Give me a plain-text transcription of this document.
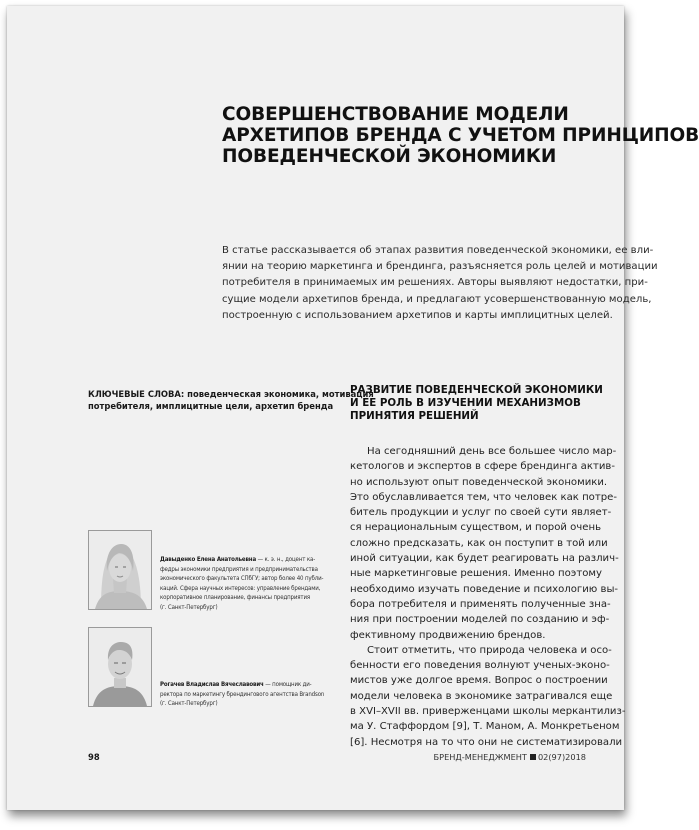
СОВЕРШЕНСТВОВАНИЕ МОДЕЛИ
АРХЕТИПОВ БРЕНДА С УЧЕТОМ ПРИНЦИПОВ
ПОВЕДЕНЧЕСКОЙ ЭКОНОМИКИ

В статье рассказывается об этапах развития поведенческой экономики, ее вли-
янии на теорию маркетинга и брендинга, разъясняется роль целей и мотивации
потребителя в принимаемых им решениях. Авторы выявляют недостатки, при-
сущие модели архетипов бренда, и предлагают усовершенствованную модель,
построенную с использованием архетипов и карты имплицитных целей.

КЛЮЧЕВЫЕ СЛОВА: поведенческая экономика, мотивация
потребителя, имплицитные цели, архетип бренда

Давыденко Елена Анатольевна — к. э. н., доцент ка-
федры экономики предприятия и предпринимательства
экономического факультета СПбГУ; автор более 40 публи-
каций. Сфера научных интересов: управление брендами,
корпоративное планирование, финансы предприятия
(г. Санкт-Петербург)
Рогачев Владислав Вячеславович — помощник ди-
ректора по маркетингу брендингового агентства Brandson
(г. Санкт-Петербург)
РАЗВИТИЕ ПОВЕДЕНЧЕСКОЙ ЭКОНОМИКИ
И ЕЕ РОЛЬ В ИЗУЧЕНИИ МЕХАНИЗМОВ
ПРИНЯТИЯ РЕШЕНИЙ
На сегодняшний день все большее число мар-
кетологов и экспертов в сфере брендинга актив-
но используют опыт поведенческой экономики.
Это обуславливается тем, что человек как потре-
битель продукции и услуг по своей сути являет-
ся нерациональным существом, и порой очень
сложно предсказать, как он поступит в той или
иной ситуации, как будет реагировать на различ-
ные маркетинговые решения. Именно поэтому
необходимо изучать поведение и психологию вы-
бора потребителя и применять полученные зна-
ния при построении моделей по созданию и эф-
фективному продвижению брендов.
Стоит отметить, что природа человека и осо-
бенности его поведения волнуют ученых-эконо-
мистов уже долгое время. Вопрос о построении
модели человека в экономике затрагивался еще
в XVI–XVII вв. приверженцами школы меркантилиз-
ма У. Стаффордом [9], Т. Маном, А. Монкретьеном
[6]. Несмотря на то что они не систематизировали
98	БРЕНД-МЕНЕДЖМЕНТ 02(97)2018
